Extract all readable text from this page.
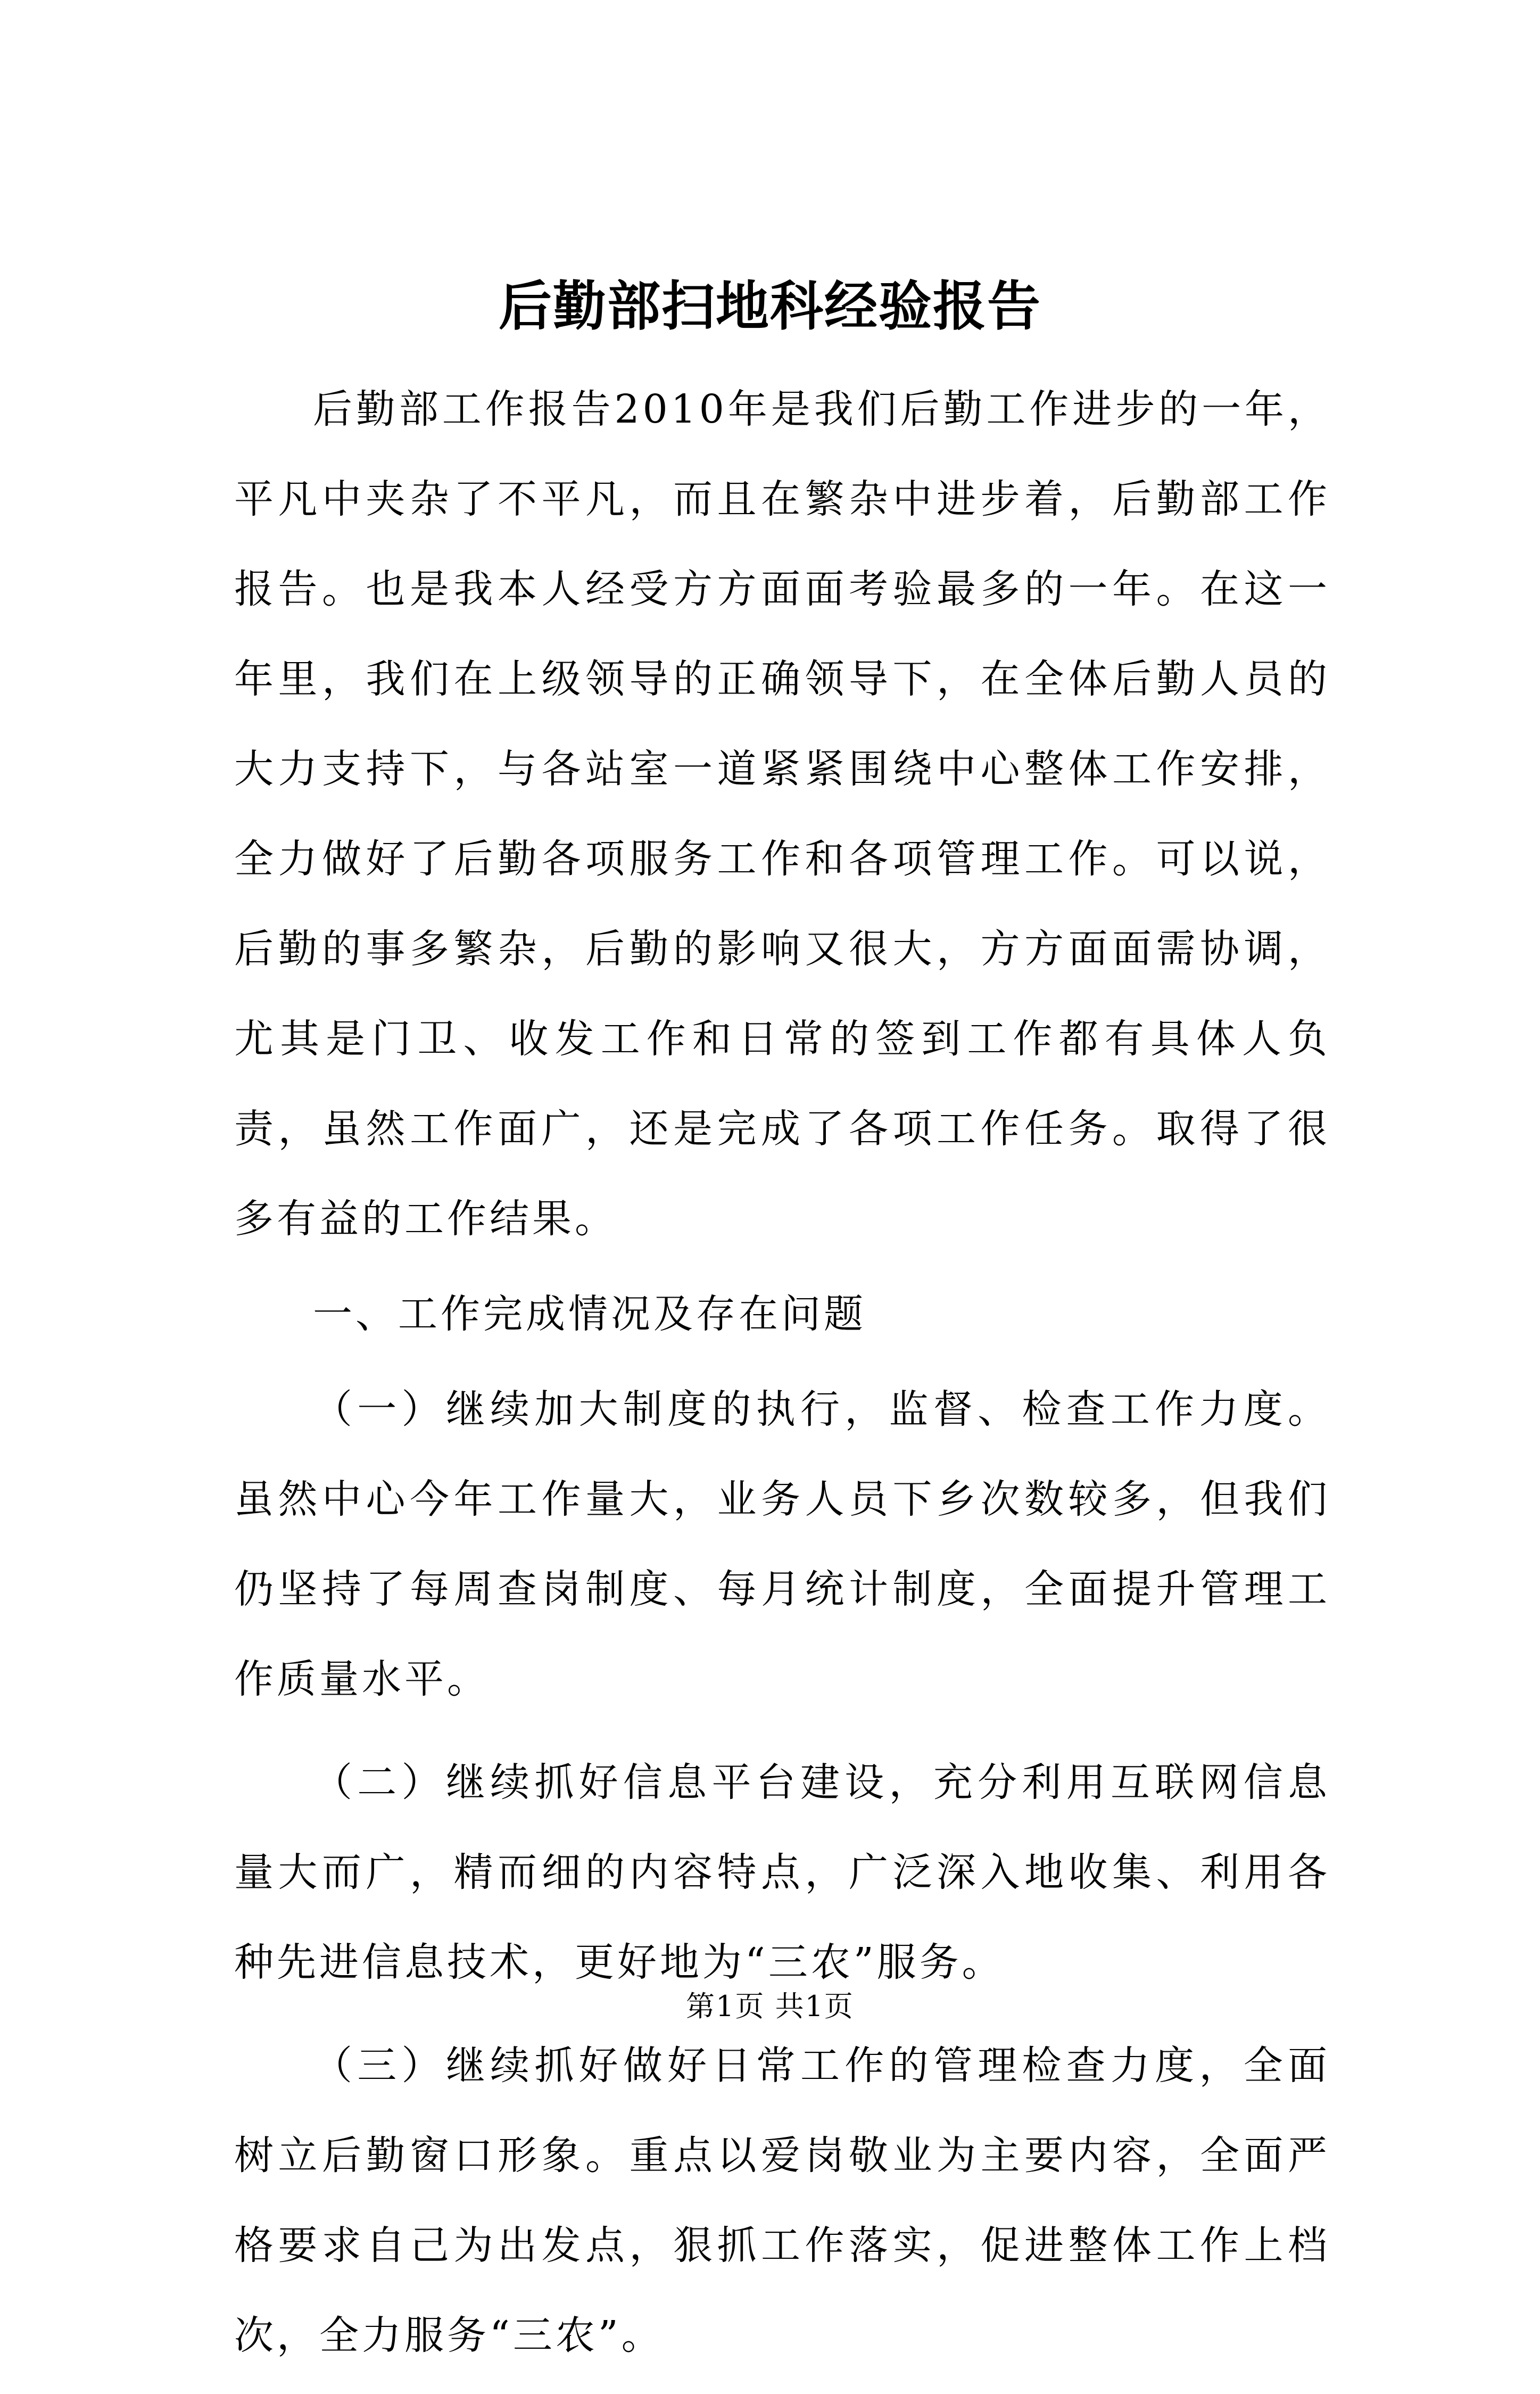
后勤部扫地科经验报告

后勤部工作报告2010年是我们后勤工作进步的一年，平凡中夹杂了不平凡，而且在繁杂中进步着，后勤部工作报告。也是我本人经受方方面面考验最多的一年。在这一年里，我们在上级领导的正确领导下，在全体后勤人员的大力支持下，与各站室一道紧紧围绕中心整体工作安排，全力做好了后勤各项服务工作和各项管理工作。可以说，后勤的事多繁杂，后勤的影响又很大，方方面面需协调，尤其是门卫、收发工作和日常的签到工作都有具体人负责，虽然工作面广，还是完成了各项工作任务。取得了很多有益的工作结果。

一、工作完成情况及存在问题

（一）继续加大制度的执行，监督、检查工作力度。虽然中心今年工作量大，业务人员下乡次数较多，但我们仍坚持了每周查岗制度、每月统计制度，全面提升管理工作质量水平。

（二）继续抓好信息平台建设，充分利用互联网信息量大而广，精而细的内容特点，广泛深入地收集、利用各种先进信息技术，更好地为“三农”服务。

（三）继续抓好做好日常工作的管理检查力度，全面树立后勤窗口形象。重点以爱岗敬业为主要内容，全面严格要求自己为出发点，狠抓工作落实，促进整体工作上档次，全力服务“三农”。

第1页 共1页
